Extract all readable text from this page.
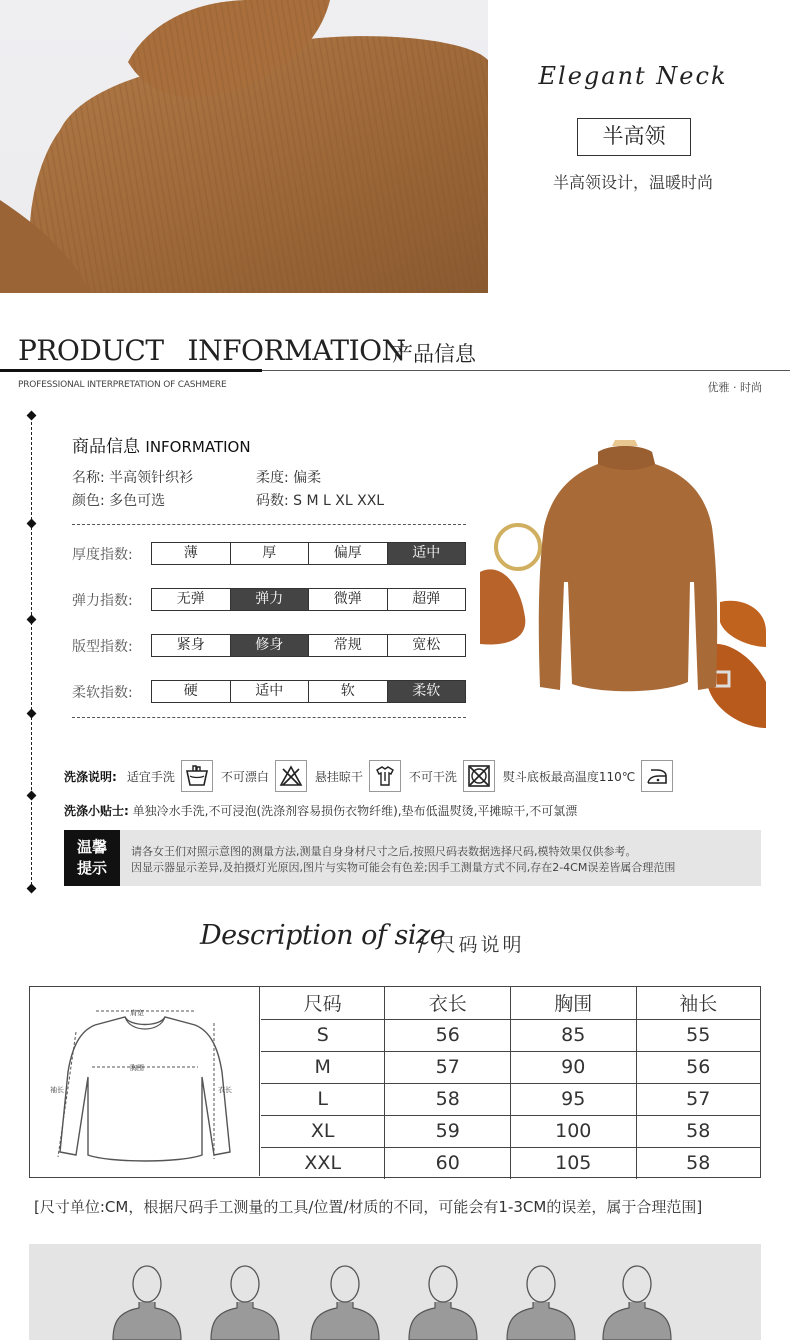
Elegant Neck
半高领
半高领设计，温暖时尚
PRODUCT INFORMATION
产品信息
PROFESSIONAL INTERPRETATION OF CASHMERE	优雅 · 时尚
商品信息 INFORMATION
名称: 半高领针织衫	柔度: 偏柔
颜色: 多色可选	码数: S M L XL XXL
厚度指数:	薄	厚	偏厚	适中
弹力指数:	无弹	弹力	微弹	超弹
版型指数:	紧身	修身	常规	宽松
柔软指数:	硬	适中	软	柔软
洗涤说明: 适宜手洗	不可漂白	悬挂晾干	不可干洗	熨斗底板最高温度110℃
洗涤小贴士: 单独冷水手洗,不可浸泡(洗涤剂容易损伤衣物纤维),垫布低温熨烫,平摊晾干,不可氯漂
温馨
提示
请各女王们对照示意图的测量方法,测量自身身材尺寸之后,按照尺码表数据选择尺码,模特效果仅供参考。
因显示器显示差异,及拍摄灯光原因,图片与实物可能会有色差;因手工测量方式不同,存在2-4CM误差皆属合理范围
Description of size
/ 尺码说明
肩宽
胸围
袖长	衣长
尺码	衣长	胸围	袖长
S	56	85	55
M	57	90	56
L	58	95	57
XL	59	100	58
XXL	60	105	58
[尺寸单位:CM，根据尺码手工测量的工具/位置/材质的不同，可能会有1-3CM的误差，属于合理范围]
